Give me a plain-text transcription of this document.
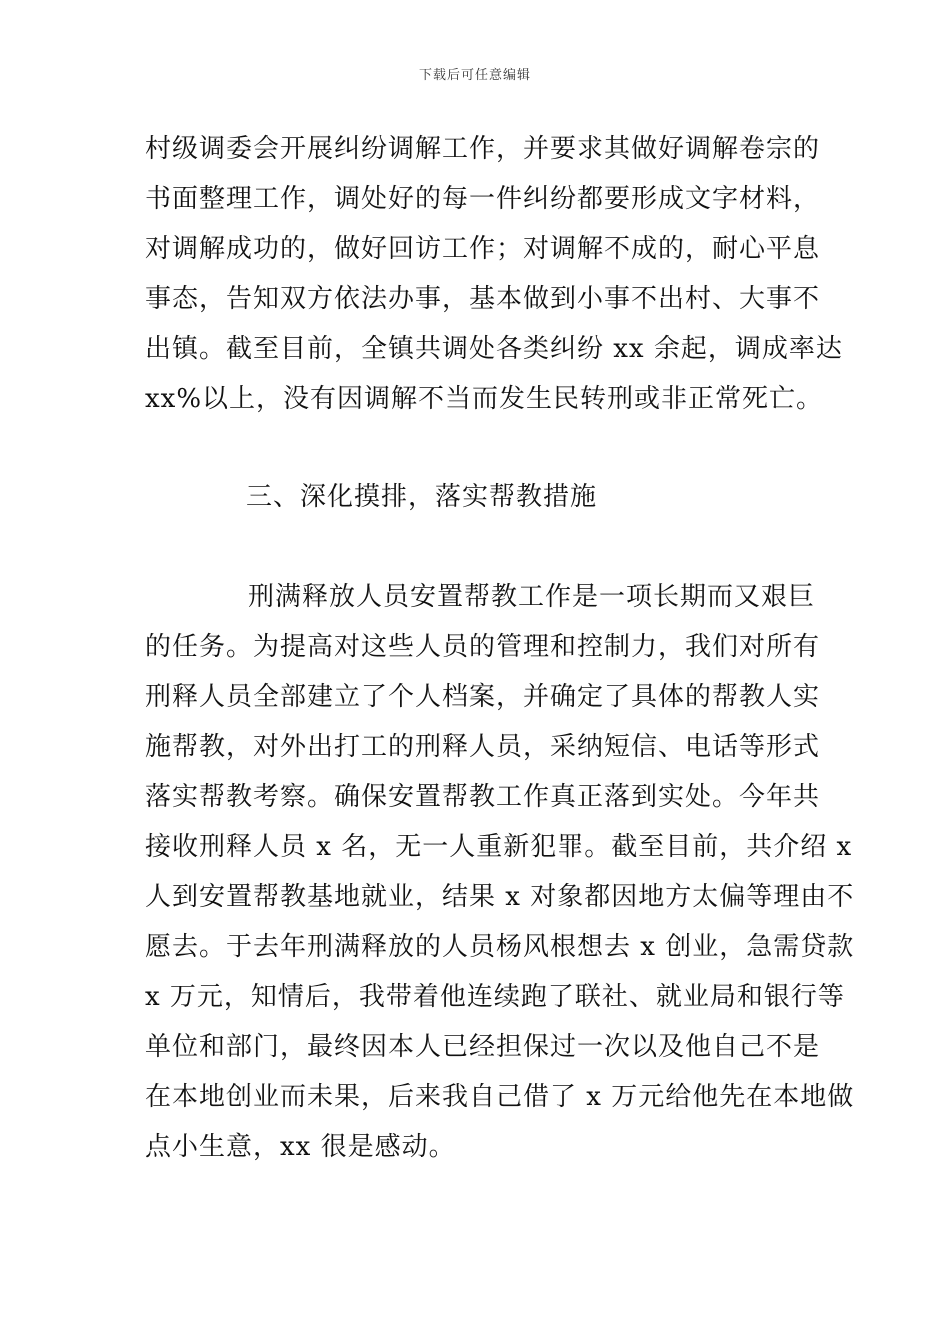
下载后可任意编辑
村级调委会开展纠纷调解工作，并要求其做好调解卷宗的
书面整理工作，调处好的每一件纠纷都要形成文字材料，
对调解成功的，做好回访工作；对调解不成的，耐心平息
事态，告知双方依法办事，基本做到小事不出村、大事不
出镇。截至目前，全镇共调处各类纠纷 xx 余起，调成率达
xx%以上，没有因调解不当而发生民转刑或非正常死亡。
三、深化摸排，落实帮教措施
刑满释放人员安置帮教工作是一项长期而又艰巨
的任务。为提高对这些人员的管理和控制力，我们对所有
刑释人员全部建立了个人档案，并确定了具体的帮教人实
施帮教，对外出打工的刑释人员，采纳短信、电话等形式
落实帮教考察。确保安置帮教工作真正落到实处。今年共
接收刑释人员 x 名，无一人重新犯罪。截至目前，共介绍 x
人到安置帮教基地就业，结果 x 对象都因地方太偏等理由不
愿去。于去年刑满释放的人员杨风根想去 x 创业，急需贷款
x 万元，知情后，我带着他连续跑了联社、就业局和银行等
单位和部门，最终因本人已经担保过一次以及他自己不是
在本地创业而未果，后来我自己借了 x 万元给他先在本地做
点小生意，xx 很是感动。
